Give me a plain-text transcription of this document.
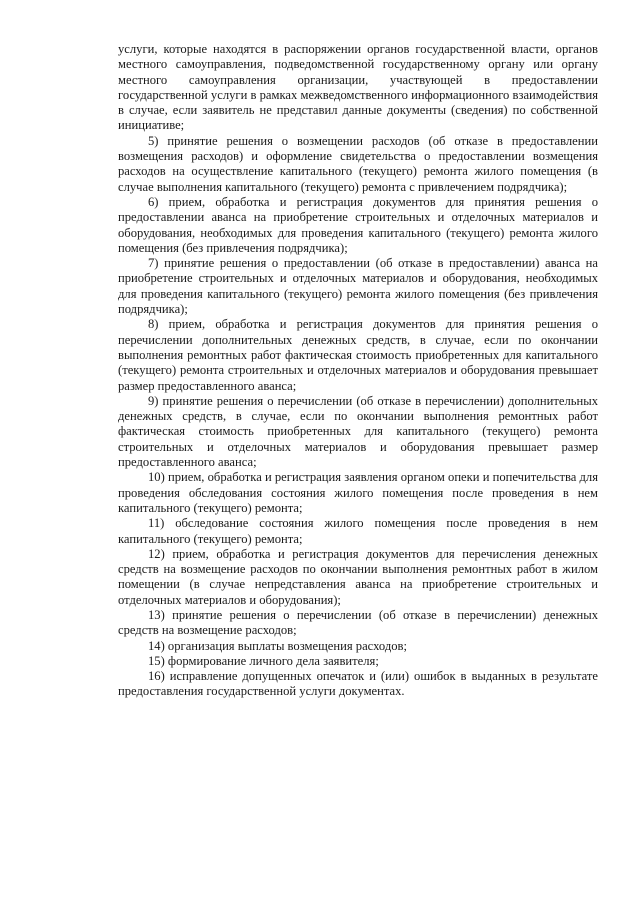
услуги, которые находятся в распоряжении органов государственной власти, органов местного самоуправления, подведомственной государственному органу или органу местного самоуправления организации, участвующей в предоставлении государственной услуги в рамках межведомственного информационного взаимодействия в случае, если заявитель не представил данные документы (сведения) по собственной инициативе;

5) принятие решения о возмещении расходов (об отказе в предоставлении возмещения расходов) и оформление свидетельства о предоставлении возмещения расходов на осуществление капитального (текущего) ремонта жилого помещения (в случае выполнения капитального (текущего) ремонта с привлечением подрядчика);

6) прием, обработка и регистрация документов для принятия решения о предоставлении аванса на приобретение строительных и отделочных материалов и оборудования, необходимых для проведения капитального (текущего) ремонта жилого помещения (без привлечения подрядчика);

7) принятие решения о предоставлении (об отказе в предоставлении) аванса на приобретение строительных и отделочных материалов и оборудования, необходимых для проведения капитального (текущего) ремонта жилого помещения (без привлечения подрядчика);

8) прием, обработка и регистрация документов для принятия решения о перечислении дополнительных денежных средств, в случае, если по окончании выполнения ремонтных работ фактическая стоимость приобретенных для капитального (текущего) ремонта строительных и отделочных материалов и оборудования превышает размер предоставленного аванса;

9) принятие решения о перечислении (об отказе в перечислении) дополнительных денежных средств, в случае, если по окончании выполнения ремонтных работ фактическая стоимость приобретенных для капитального (текущего) ремонта строительных и отделочных материалов и оборудования превышает размер предоставленного аванса;

10) прием, обработка и регистрация заявления органом опеки и попечительства для проведения обследования состояния жилого помещения после проведения в нем капитального (текущего) ремонта;

11) обследование состояния жилого помещения после проведения в нем капитального (текущего) ремонта;

12) прием, обработка и регистрация документов для перечисления денежных средств на возмещение расходов по окончании выполнения ремонтных работ в жилом помещении (в случае непредставления аванса на приобретение строительных и отделочных материалов и оборудования);

13) принятие решения о перечислении (об отказе в перечислении) денежных средств на возмещение расходов;

14) организация выплаты возмещения расходов;

15) формирование личного дела заявителя;

16) исправление допущенных опечаток и (или) ошибок в выданных в результате предоставления государственной услуги документах.
